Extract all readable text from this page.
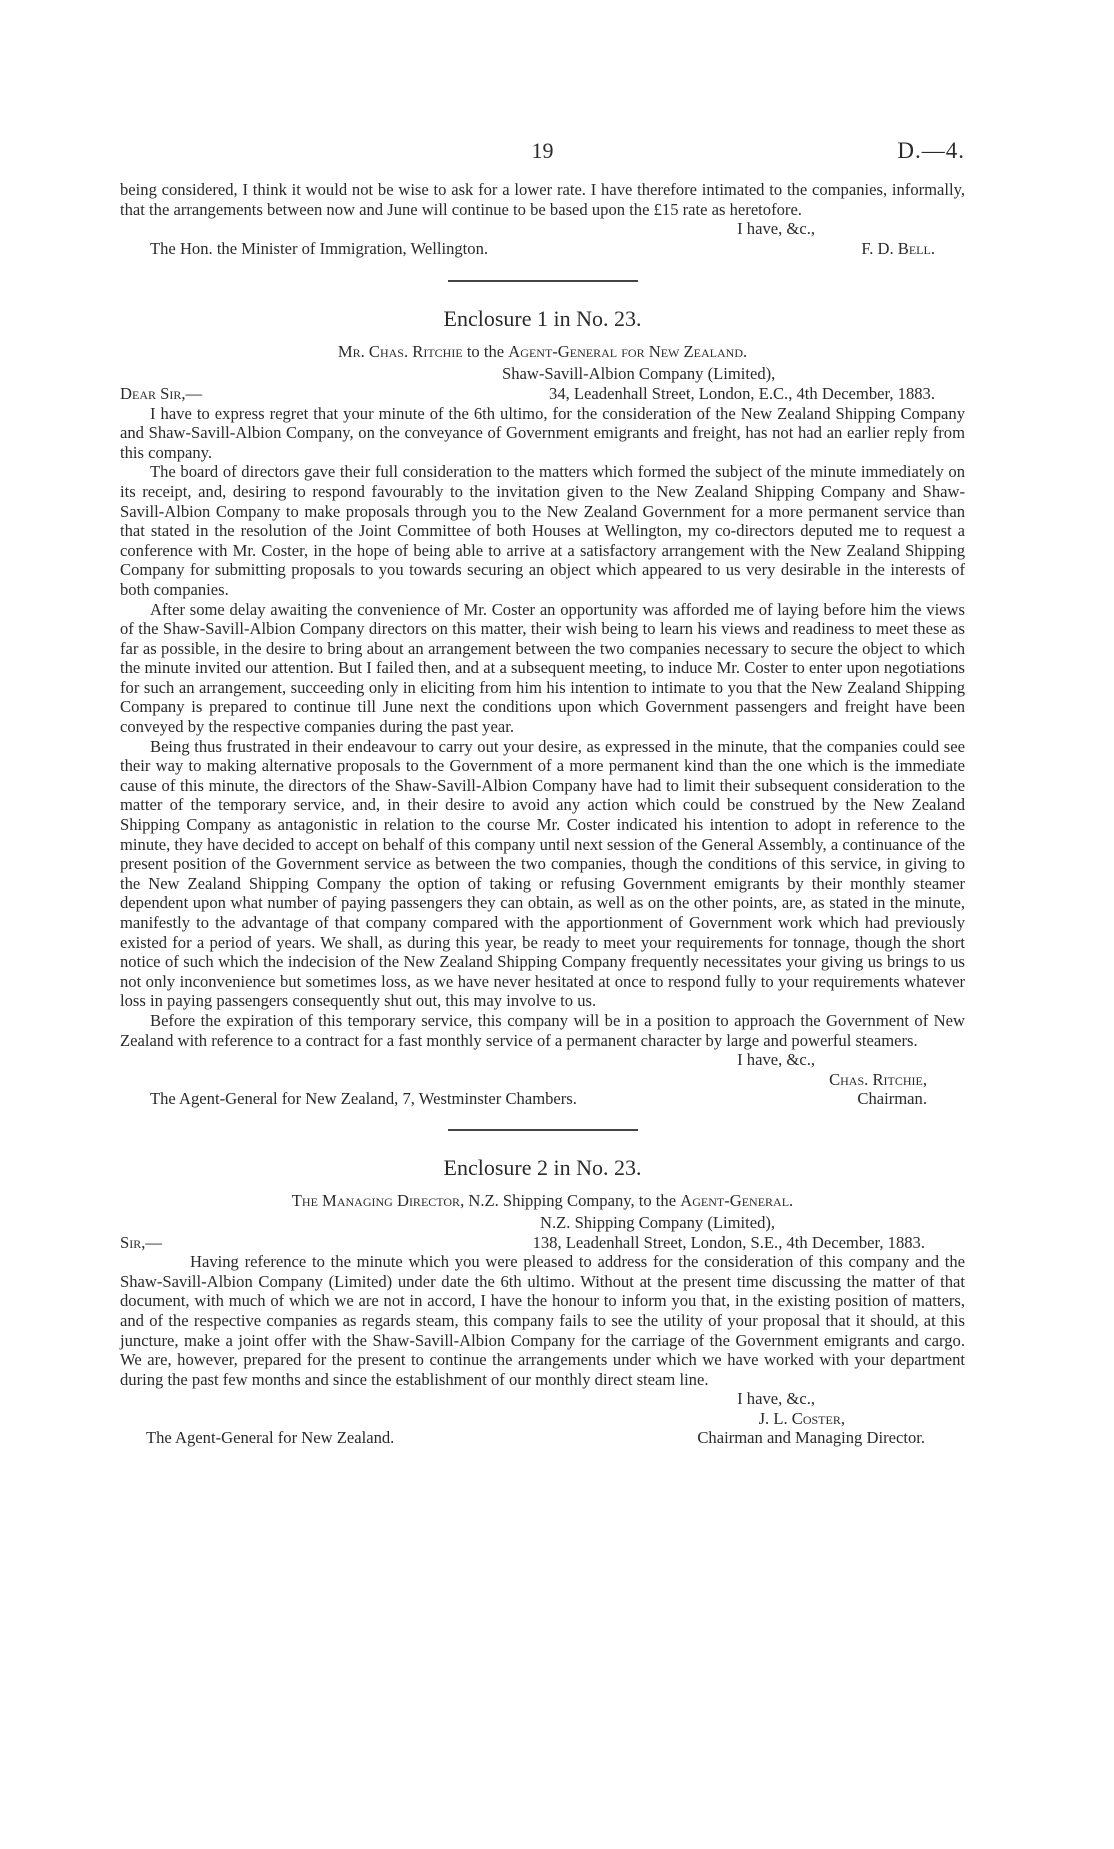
19	D.—4.

being considered, I think it would not be wise to ask for a lower rate. I have therefore intimated to the companies, informally, that the arrangements between now and June will continue to be based upon the £15 rate as heretofore.

I have, &c.,
The Hon. the Minister of Immigration, Wellington.	F. D. Bell.
Enclosure 1 in No. 23.
Mr. Chas. Ritchie to the Agent-General for New Zealand.
Shaw-Savill-Albion Company (Limited),
Dear Sir,—	34, Leadenhall Street, London, E.C., 4th December, 1883.

I have to express regret that your minute of the 6th ultimo, for the consideration of the New Zealand Shipping Company and Shaw-Savill-Albion Company, on the conveyance of Government emigrants and freight, has not had an earlier reply from this company.

The board of directors gave their full consideration to the matters which formed the subject of the minute immediately on its receipt, and, desiring to respond favourably to the invitation given to the New Zealand Shipping Company and Shaw-Savill-Albion Company to make proposals through you to the New Zealand Government for a more permanent service than that stated in the resolution of the Joint Committee of both Houses at Wellington, my co-directors deputed me to request a conference with Mr. Coster, in the hope of being able to arrive at a satisfactory arrangement with the New Zealand Shipping Company for submitting proposals to you towards securing an object which appeared to us very desirable in the interests of both companies.

After some delay awaiting the convenience of Mr. Coster an opportunity was afforded me of laying before him the views of the Shaw-Savill-Albion Company directors on this matter, their wish being to learn his views and readiness to meet these as far as possible, in the desire to bring about an arrangement between the two companies necessary to secure the object to which the minute invited our attention. But I failed then, and at a subsequent meeting, to induce Mr. Coster to enter upon negotiations for such an arrangement, succeeding only in eliciting from him his intention to intimate to you that the New Zealand Shipping Company is prepared to continue till June next the conditions upon which Government passengers and freight have been conveyed by the respective companies during the past year.

Being thus frustrated in their endeavour to carry out your desire, as expressed in the minute, that the companies could see their way to making alternative proposals to the Government of a more permanent kind than the one which is the immediate cause of this minute, the directors of the Shaw-Savill-Albion Company have had to limit their subsequent consideration to the matter of the temporary service, and, in their desire to avoid any action which could be construed by the New Zealand Shipping Company as antagonistic in relation to the course Mr. Coster indicated his intention to adopt in reference to the minute, they have decided to accept on behalf of this company until next session of the General Assembly, a continuance of the present position of the Government service as between the two companies, though the conditions of this service, in giving to the New Zealand Shipping Company the option of taking or refusing Government emigrants by their monthly steamer dependent upon what number of paying passengers they can obtain, as well as on the other points, are, as stated in the minute, manifestly to the advantage of that company compared with the apportionment of Government work which had previously existed for a period of years. We shall, as during this year, be ready to meet your requirements for tonnage, though the short notice of such which the indecision of the New Zealand Shipping Company frequently necessitates your giving us brings to us not only inconvenience but sometimes loss, as we have never hesitated at once to respond fully to your requirements whatever loss in paying passengers consequently shut out, this may involve to us.

Before the expiration of this temporary service, this company will be in a position to approach the Government of New Zealand with reference to a contract for a fast monthly service of a permanent character by large and powerful steamers.

I have, &c.,
Chas. Ritchie,
The Agent-General for New Zealand, 7, Westminster Chambers.	Chairman.
Enclosure 2 in No. 23.
The Managing Director, N.Z. Shipping Company, to the Agent-General.
N.Z. Shipping Company (Limited),
Sir,—	138, Leadenhall Street, London, S.E., 4th December, 1883.

Having reference to the minute which you were pleased to address for the consideration of this company and the Shaw-Savill-Albion Company (Limited) under date the 6th ultimo. Without at the present time discussing the matter of that document, with much of which we are not in accord, I have the honour to inform you that, in the existing position of matters, and of the respective companies as regards steam, this company fails to see the utility of your proposal that it should, at this juncture, make a joint offer with the Shaw-Savill-Albion Company for the carriage of the Government emigrants and cargo. We are, however, prepared for the present to continue the arrangements under which we have worked with your department during the past few months and since the establishment of our monthly direct steam line.

I have, &c.,
J. L. Coster,
The Agent-General for New Zealand.	Chairman and Managing Director.
